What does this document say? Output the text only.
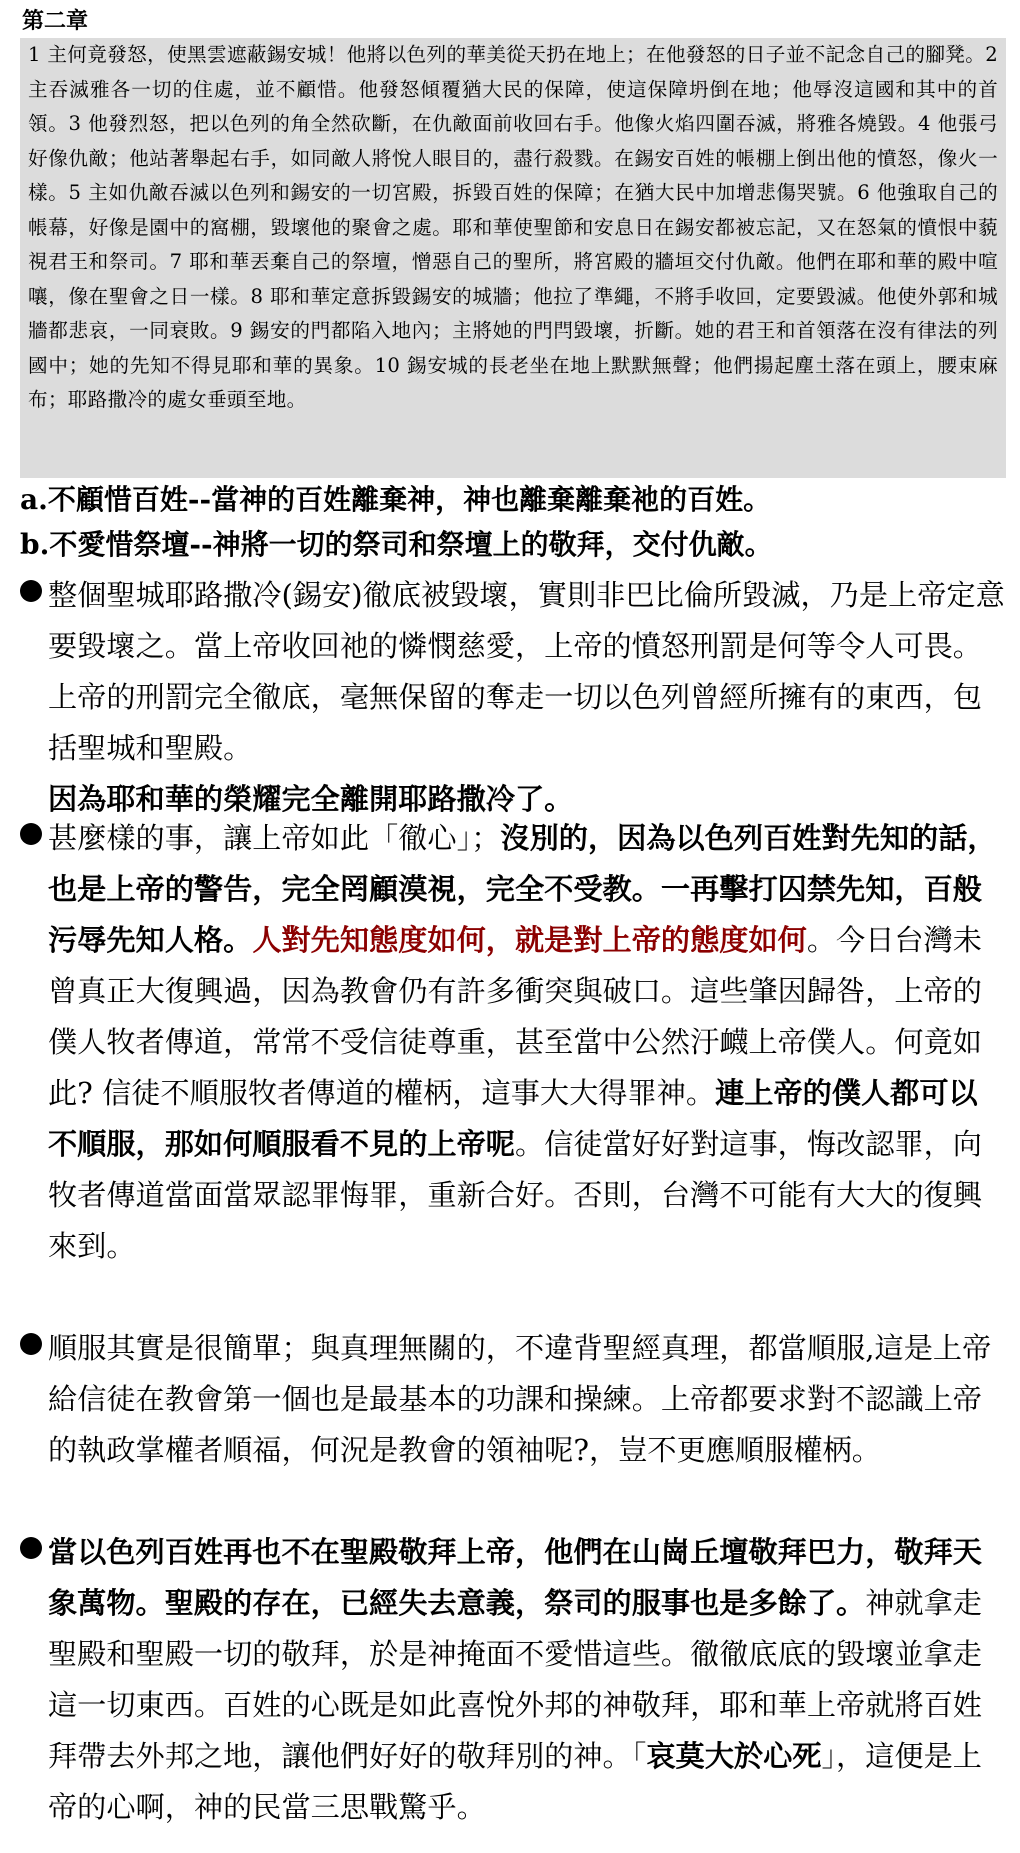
第二章
1 主何竟發怒，使黑雲遮蔽錫安城！他將以色列的華美從天扔在地上；在他發怒的日子並不記念自己的腳凳。2 主吞滅雅各一切的住處，並不顧惜。他發怒傾覆猶大民的保障，使這保障坍倒在地；他辱沒這國和其中的首領。3 他發烈怒，把以色列的角全然砍斷，在仇敵面前收回右手。他像火焰四圍吞滅，將雅各燒毀。4 他張弓好像仇敵；他站著舉起右手，如同敵人將悅人眼目的，盡行殺戮。在錫安百姓的帳棚上倒出他的憤怒，像火一樣。5 主如仇敵吞滅以色列和錫安的一切宮殿，拆毀百姓的保障；在猶大民中加增悲傷哭號。6 他強取自己的帳幕，好像是園中的窩棚，毀壞他的聚會之處。耶和華使聖節和安息日在錫安都被忘記，又在怒氣的憤恨中藐視君王和祭司。7 耶和華丟棄自己的祭壇，憎惡自己的聖所，將宮殿的牆垣交付仇敵。他們在耶和華的殿中喧嚷，像在聖會之日一樣。8 耶和華定意拆毀錫安的城牆；他拉了準繩，不將手收回，定要毀滅。他使外郭和城牆都悲哀，一同衰敗。9 錫安的門都陷入地內；主將她的門閂毀壞，折斷。她的君王和首領落在沒有律法的列國中；她的先知不得見耶和華的異象。10 錫安城的長老坐在地上默默無聲；他們揚起塵土落在頭上，腰束麻布；耶路撒冷的處女垂頭至地。
a.不顧惜百姓--當神的百姓離棄神，神也離棄離棄祂的百姓。
b.不愛惜祭壇--神將一切的祭司和祭壇上的敬拜，交付仇敵。
整個聖城耶路撒冷(錫安)徹底被毀壞，實則非巴比倫所毀滅，乃是上帝定意要毀壞之。當上帝收回祂的憐憫慈愛，上帝的憤怒刑罰是何等令人可畏。上帝的刑罰完全徹底，毫無保留的奪走一切以色列曾經所擁有的東西，包括聖城和聖殿。
因為耶和華的榮耀完全離開耶路撒冷了。
甚麼樣的事，讓上帝如此「徹心」；沒別的，因為以色列百姓對先知的話，也是上帝的警告，完全罔顧漠視，完全不受教。一再擊打囚禁先知，百般污辱先知人格。人對先知態度如何，就是對上帝的態度如何。今日台灣未曾真正大復興過，因為教會仍有許多衝突與破口。這些肇因歸咎，上帝的僕人牧者傳道，常常不受信徒尊重，甚至當中公然汙衊上帝僕人。何竟如此? 信徒不順服牧者傳道的權柄，這事大大得罪神。連上帝的僕人都可以不順服，那如何順服看不見的上帝呢。信徒當好好對這事，悔改認罪，向牧者傳道當面當眾認罪悔罪，重新合好。否則，台灣不可能有大大的復興來到。
順服其實是很簡單；與真理無關的，不違背聖經真理，都當順服,這是上帝給信徒在教會第一個也是最基本的功課和操練。上帝都要求對不認識上帝的執政掌權者順福，何況是教會的領袖呢?，豈不更應順服權柄。
當以色列百姓再也不在聖殿敬拜上帝，他們在山崗丘壇敬拜巴力，敬拜天象萬物。聖殿的存在，已經失去意義，祭司的服事也是多餘了。神就拿走聖殿和聖殿一切的敬拜，於是神掩面不愛惜這些。徹徹底底的毀壞並拿走這一切東西。百姓的心既是如此喜悅外邦的神敬拜，耶和華上帝就將百姓拜帶去外邦之地，讓他們好好的敬拜別的神。「哀莫大於心死」，這便是上帝的心啊，神的民當三思戰驚乎。
